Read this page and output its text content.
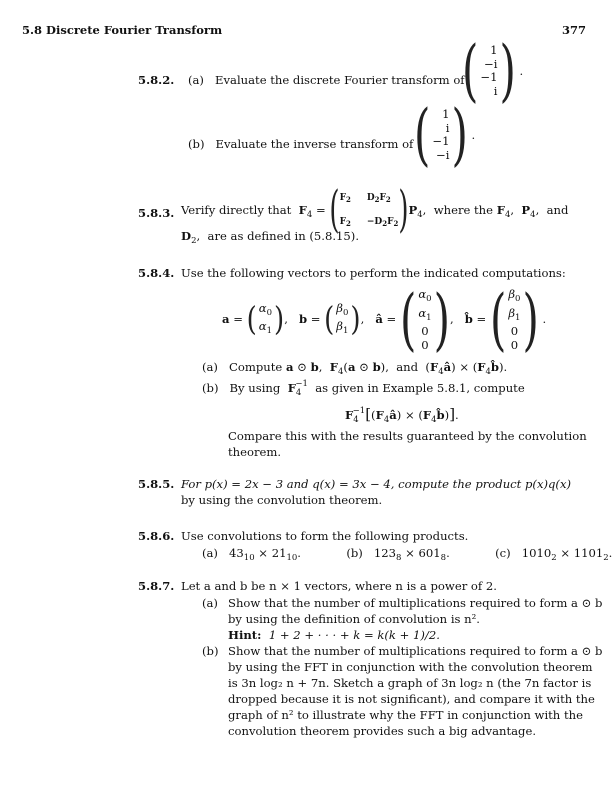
5.8 Discrete Fourier Transform	377
5.8.2. (a) Evaluate the discrete Fourier transform of
( 1
−i
−1
i ) .
(b) Evaluate the inverse transform of ( 1
i
−1
−i ) .
5.8.3. Verify directly that $F_4$ = ( $F_2$ $D_2F_2$
$F_2 -D_2F_2$ ) $P_4$,  where the $F_4$,  $P_4$,  and
$D_2$,  are as defined in (5.8.15).
5.8.4. Use the following vectors to perform the indicated computations:
a = ( $\alpha_0$
$\alpha_1$ ) ,   b = ( $\beta_0$
$\beta_1$ ) ,   â = ( $\alpha_0$
$\alpha_1$
0
0 ) ,   b̂ = ( $\beta_0$
$\beta_1$
0
0 ) .
(a) Compute a ⊙ b,  $F_4(a$ ⊙ b),  and  $(F_4â)$ × $(F_4b̂)$.
(b) By using $F_4^{-1}$ as given in Example 5.8.1, compute
$F_4^{-1}[(F_4â)$ × $(F_4b̂)$].
Compare this with the results guaranteed by the convolution
theorem.
5.8.5. For p(x) = 2x − 3 and q(x) = 3x − 4, compute the product p(x)q(x)
by using the convolution theorem.
5.8.6. Use convolutions to form the following products.
(a)   $43_{10} \times 21_{10}$.	(b)   $123_8 \times 601_8$.	(c)   $1010_2 \times 1101_2$.
5.8.7. Let a and b be n × 1 vectors, where n is a power of 2.
(a) Show that the number of multiplications required to form a ⊙ b
by using the definition of convolution is n².
Hint: 1 + 2 + · · · + k = k(k + 1)/2.
(b) Show that the number of multiplications required to form a ⊙ b
by using the FFT in conjunction with the convolution theorem
is 3n log₂ n + 7n. Sketch a graph of 3n log₂ n (the 7n factor is
dropped because it is not significant), and compare it with the
graph of n² to illustrate why the FFT in conjunction with the
convolution theorem provides such a big advantage.
